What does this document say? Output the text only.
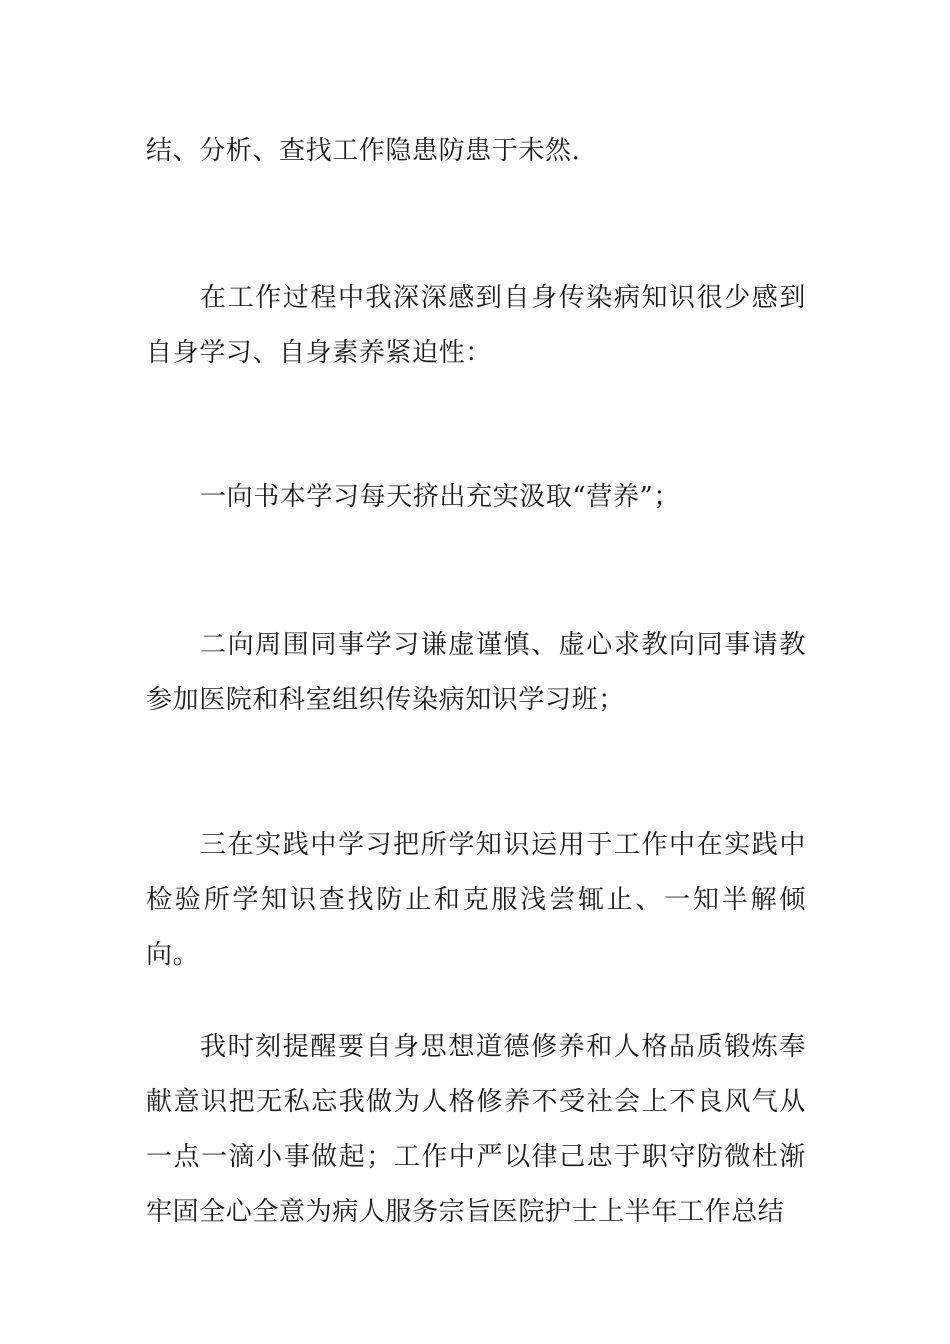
结、分析、查找工作隐患防患于未然.

在工作过程中我深深感到自身传染病知识很少感到自身学习、自身素养紧迫性：

一向书本学习每天挤出充实汲取“营养”；

二向周围同事学习谦虚谨慎、虚心求教向同事请教参加医院和科室组织传染病知识学习班；

三在实践中学习把所学知识运用于工作中在实践中检验所学知识查找防止和克服浅尝辄止、一知半解倾向。

我时刻提醒要自身思想道德修养和人格品质锻炼奉献意识把无私忘我做为人格修养不受社会上不良风气从一点一滴小事做起；工作中严以律己忠于职守防微杜渐牢固全心全意为病人服务宗旨医院护士上半年工作总结
